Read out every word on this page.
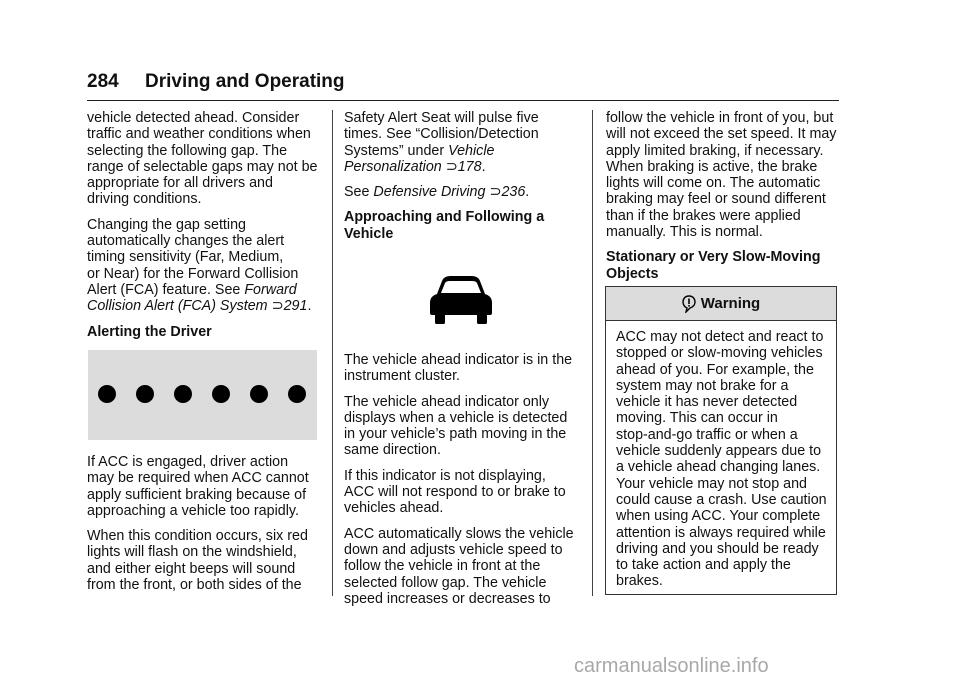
284 Driving and Operating

vehicle detected ahead. Consider
traffic and weather conditions when
selecting the following gap. The
range of selectable gaps may not be
appropriate for all drivers and
driving conditions.

Changing the gap setting
automatically changes the alert
timing sensitivity (Far, Medium,
or Near) for the Forward Collision
Alert (FCA) feature. See Forward
Collision Alert (FCA) System ⊃291.

Alerting the Driver

If ACC is engaged, driver action
may be required when ACC cannot
apply sufficient braking because of
approaching a vehicle too rapidly.

When this condition occurs, six red
lights will flash on the windshield,
and either eight beeps will sound
from the front, or both sides of the

Safety Alert Seat will pulse five
times. See “Collision/Detection
Systems” under Vehicle
Personalization ⊃178.

See Defensive Driving ⊃236.

Approaching and Following a
Vehicle

The vehicle ahead indicator is in the
instrument cluster.

The vehicle ahead indicator only
displays when a vehicle is detected
in your vehicle’s path moving in the
same direction.

If this indicator is not displaying,
ACC will not respond to or brake to
vehicles ahead.

ACC automatically slows the vehicle
down and adjusts vehicle speed to
follow the vehicle in front at the
selected follow gap. The vehicle
speed increases or decreases to

follow the vehicle in front of you, but
will not exceed the set speed. It may
apply limited braking, if necessary.
When braking is active, the brake
lights will come on. The automatic
braking may feel or sound different
than if the brakes were applied
manually. This is normal.

Stationary or Very Slow-Moving
Objects
Warning
ACC may not detect and react to
stopped or slow-moving vehicles
ahead of you. For example, the
system may not brake for a
vehicle it has never detected
moving. This can occur in
stop-and-go traffic or when a
vehicle suddenly appears due to
a vehicle ahead changing lanes.
Your vehicle may not stop and
could cause a crash. Use caution
when using ACC. Your complete
attention is always required while
driving and you should be ready
to take action and apply the
brakes.
carmanualsonline.info
